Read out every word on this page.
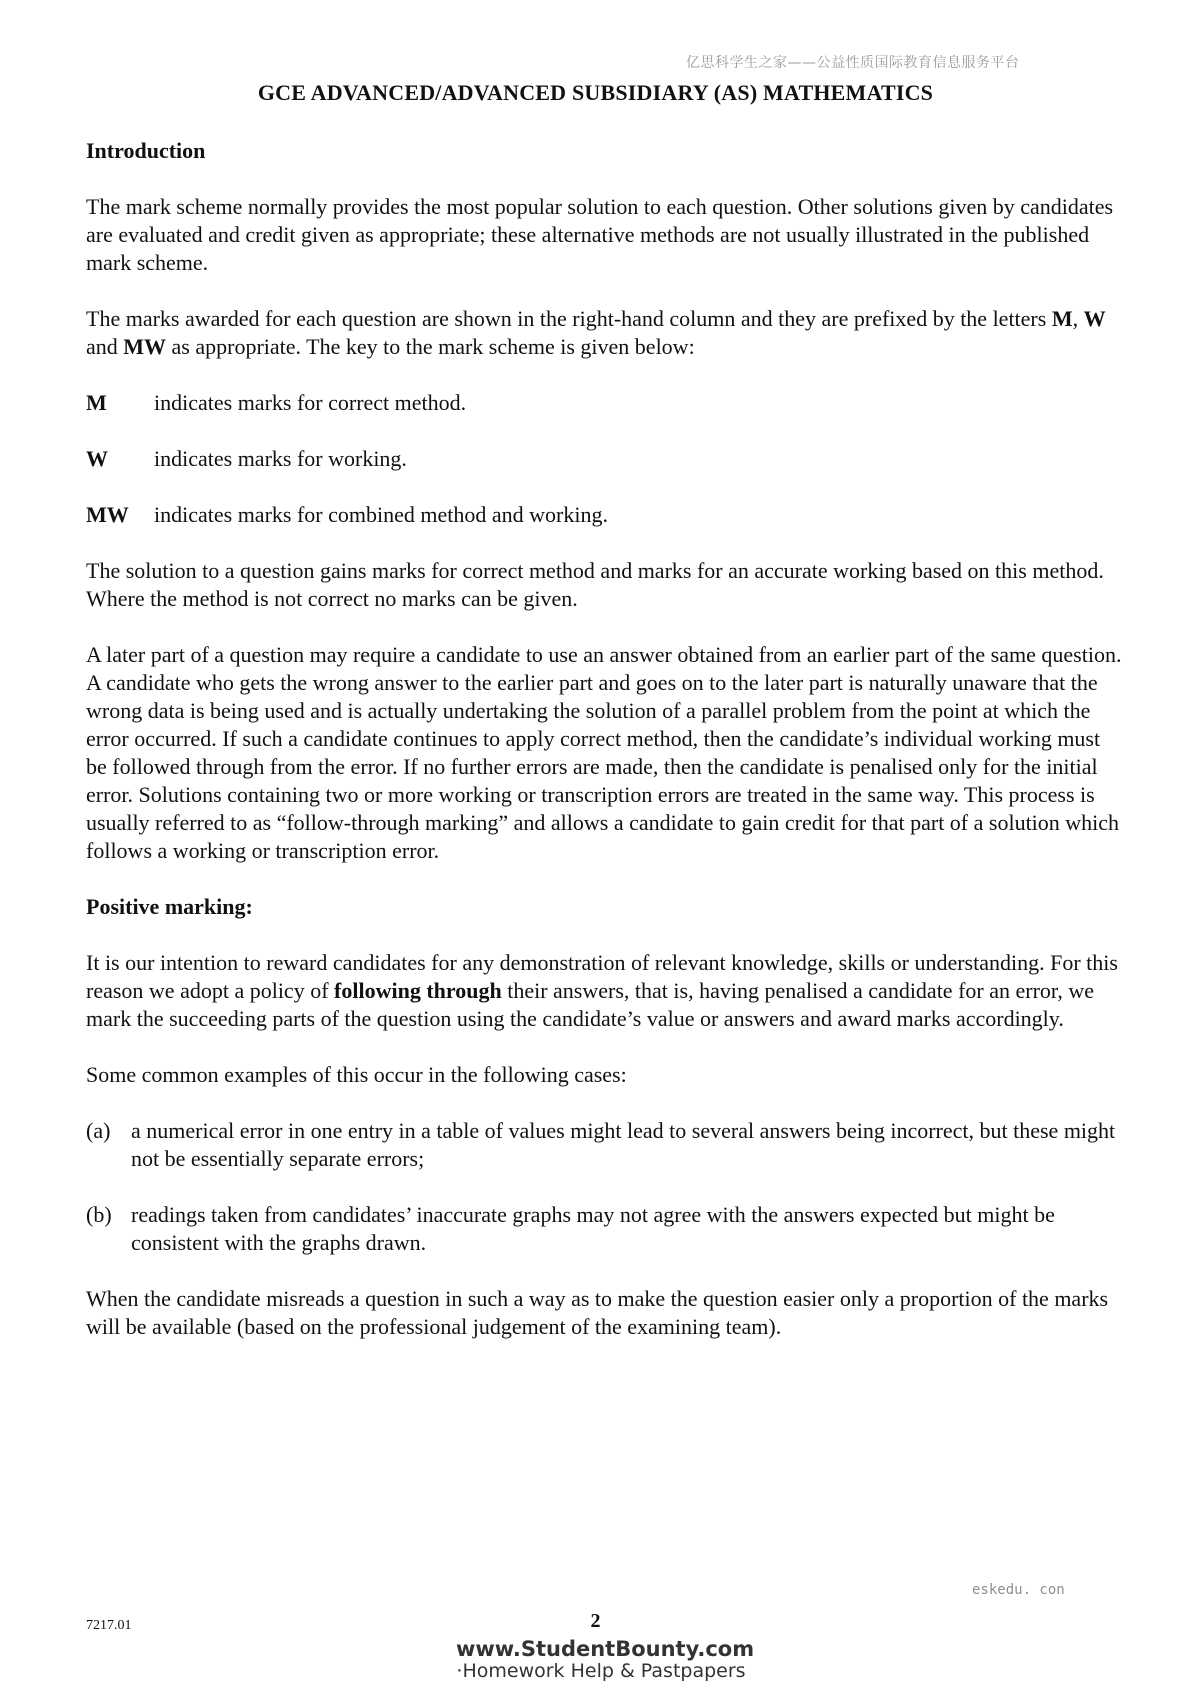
亿思科学生之家——公益性质国际教育信息服务平台
GCE ADVANCED/ADVANCED SUBSIDIARY (AS) MATHEMATICS
Introduction

The mark scheme normally provides the most popular solution to each question. Other solutions given by candidates are evaluated and credit given as appropriate; these alternative methods are not usually illustrated in the published mark scheme.

The marks awarded for each question are shown in the right-hand column and they are prefixed by the letters M, W and MW as appropriate. The key to the mark scheme is given below:

M	indicates marks for correct method.
W	indicates marks for working.
MW	indicates marks for combined method and working.

The solution to a question gains marks for correct method and marks for an accurate working based on this method. Where the method is not correct no marks can be given.

A later part of a question may require a candidate to use an answer obtained from an earlier part of the same question. A candidate who gets the wrong answer to the earlier part and goes on to the later part is naturally unaware that the wrong data is being used and is actually undertaking the solution of a parallel problem from the point at which the error occurred. If such a candidate continues to apply correct method, then the candidate’s individual working must be followed through from the error. If no further errors are made, then the candidate is penalised only for the initial error. Solutions containing two or more working or transcription errors are treated in the same way. This process is usually referred to as “follow-through marking” and allows a candidate to gain credit for that part of a solution which follows a working or transcription error.

Positive marking:

It is our intention to reward candidates for any demonstration of relevant knowledge, skills or understanding. For this reason we adopt a policy of following through their answers, that is, having penalised a candidate for an error, we mark the succeeding parts of the question using the candidate’s value or answers and award marks accordingly.

Some common examples of this occur in the following cases:

(a) a numerical error in one entry in a table of values might lead to several answers being incorrect, but these might not be essentially separate errors;
(b) readings taken from candidates’ inaccurate graphs may not agree with the answers expected but might be consistent with the graphs drawn.

When the candidate misreads a question in such a way as to make the question easier only a proportion of the marks will be available (based on the professional judgement of the examining team).

eskedu. con
7217.01	2
www.StudentBounty.com
·Homework Help & Pastpapers
